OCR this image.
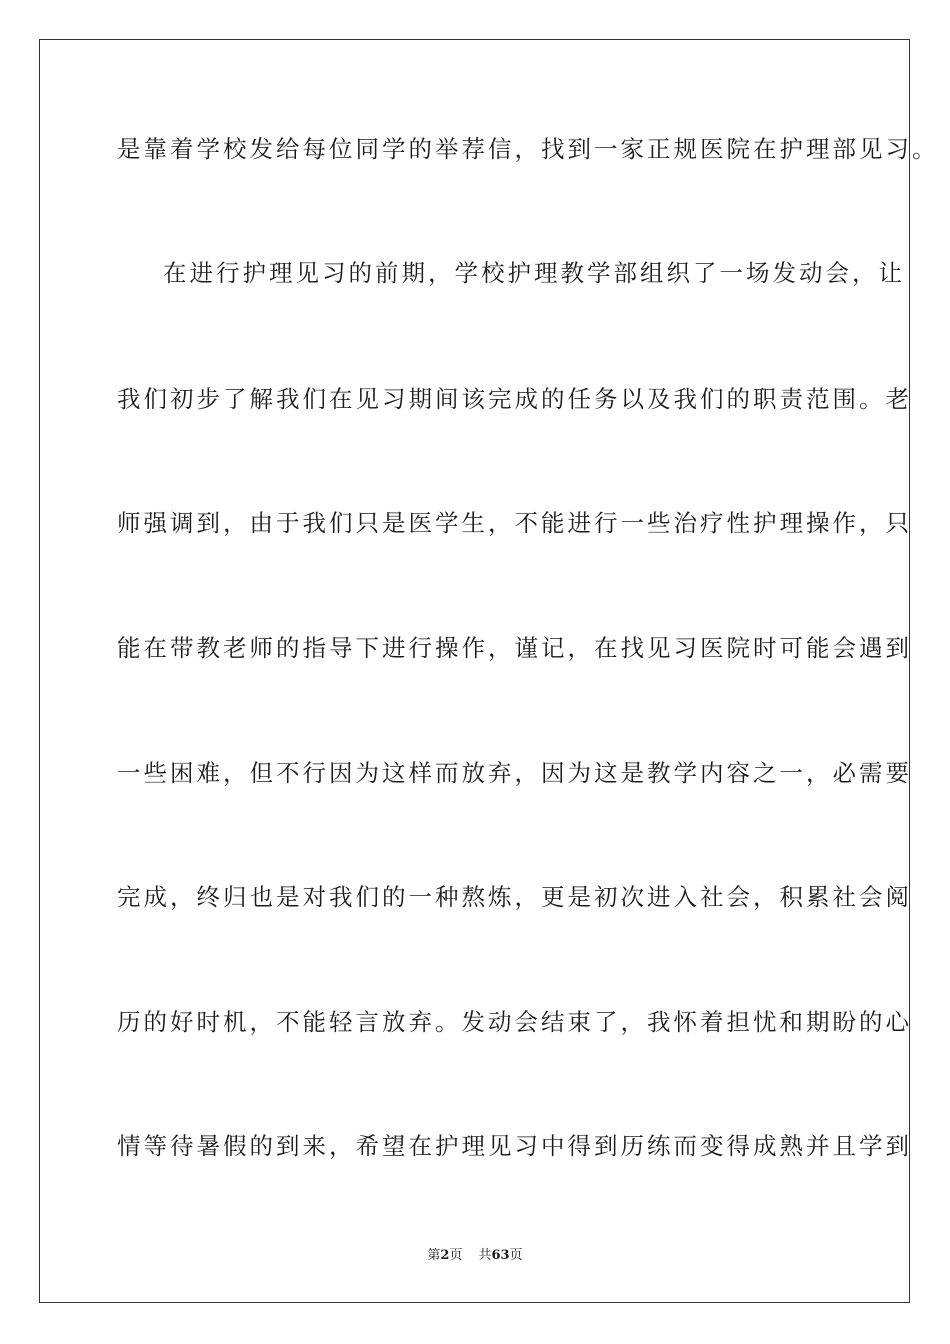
是靠着学校发给每位同学的举荐信，找到一家正规医院在护理部见习。
在进行护理见习的前期，学校护理教学部组织了一场发动会，让
我们初步了解我们在见习期间该完成的任务以及我们的职责范围。老
师强调到，由于我们只是医学生，不能进行一些治疗性护理操作，只
能在带教老师的指导下进行操作，谨记，在找见习医院时可能会遇到
一些困难，但不行因为这样而放弃，因为这是教学内容之一，必需要
完成，终归也是对我们的一种熬炼，更是初次进入社会，积累社会阅
历的好时机，不能轻言放弃。发动会结束了，我怀着担忧和期盼的心
情等待暑假的到来，希望在护理见习中得到历练而变得成熟并且学到
第2页 共63页
